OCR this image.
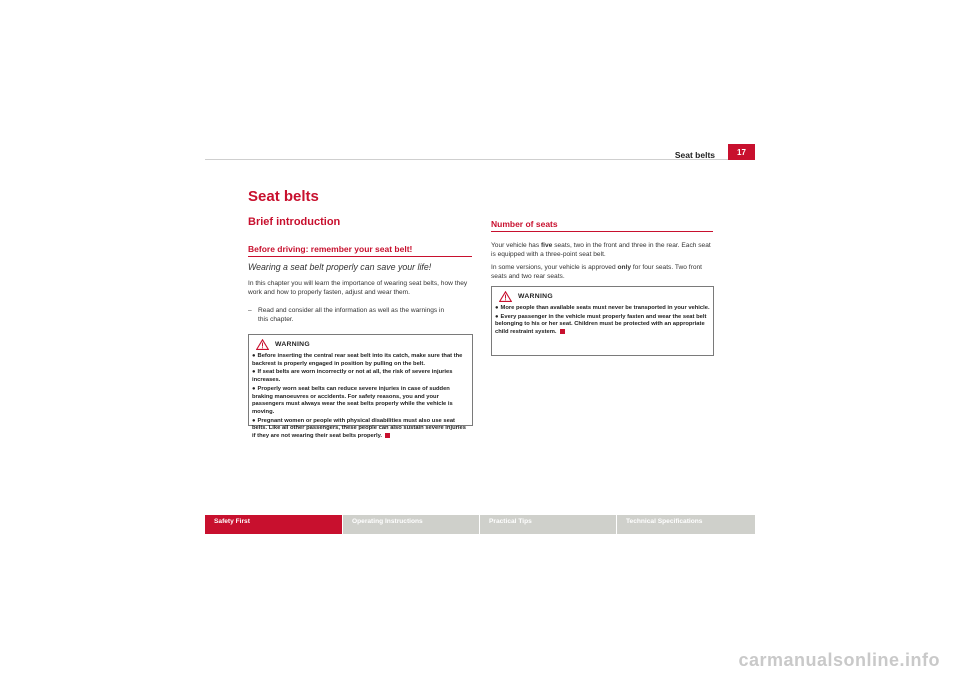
Seat belts	17
Seat belts
Brief introduction
Before driving: remember your seat belt!
Wearing a seat belt properly can save your life!
In this chapter you will learn the importance of wearing seat belts, how they work and how to properly fasten, adjust and wear them.
– Read and consider all the information as well as the warnings in
this chapter.
WARNING

● Before inserting the central rear seat belt into its catch, make sure that the backrest is properly engaged in position by pulling on the belt.

● If seat belts are worn incorrectly or not at all, the risk of severe injuries increases.

● Properly worn seat belts can reduce severe injuries in case of sudden braking manoeuvres or accidents. For safety reasons, you and your passengers must always wear the seat belts properly while the vehicle is moving.

● Pregnant women or people with physical disabilities must also use seat belts. Like all other passengers, these people can also sustain severe injuries if they are not wearing their seat belts properly.

Number of seats

Your vehicle has five seats, two in the front and three in the rear. Each seat is equipped with a three-point seat belt.

In some versions, your vehicle is approved only for four seats. Two front seats and two rear seats.

WARNING

● More people than available seats must never be transported in your vehicle.

● Every passenger in the vehicle must properly fasten and wear the seat belt belonging to his or her seat. Children must be protected with an appropriate child restraint system.

Safety First	Operating Instructions	Practical Tips	Technical Specifications
carmanualsonline.info
